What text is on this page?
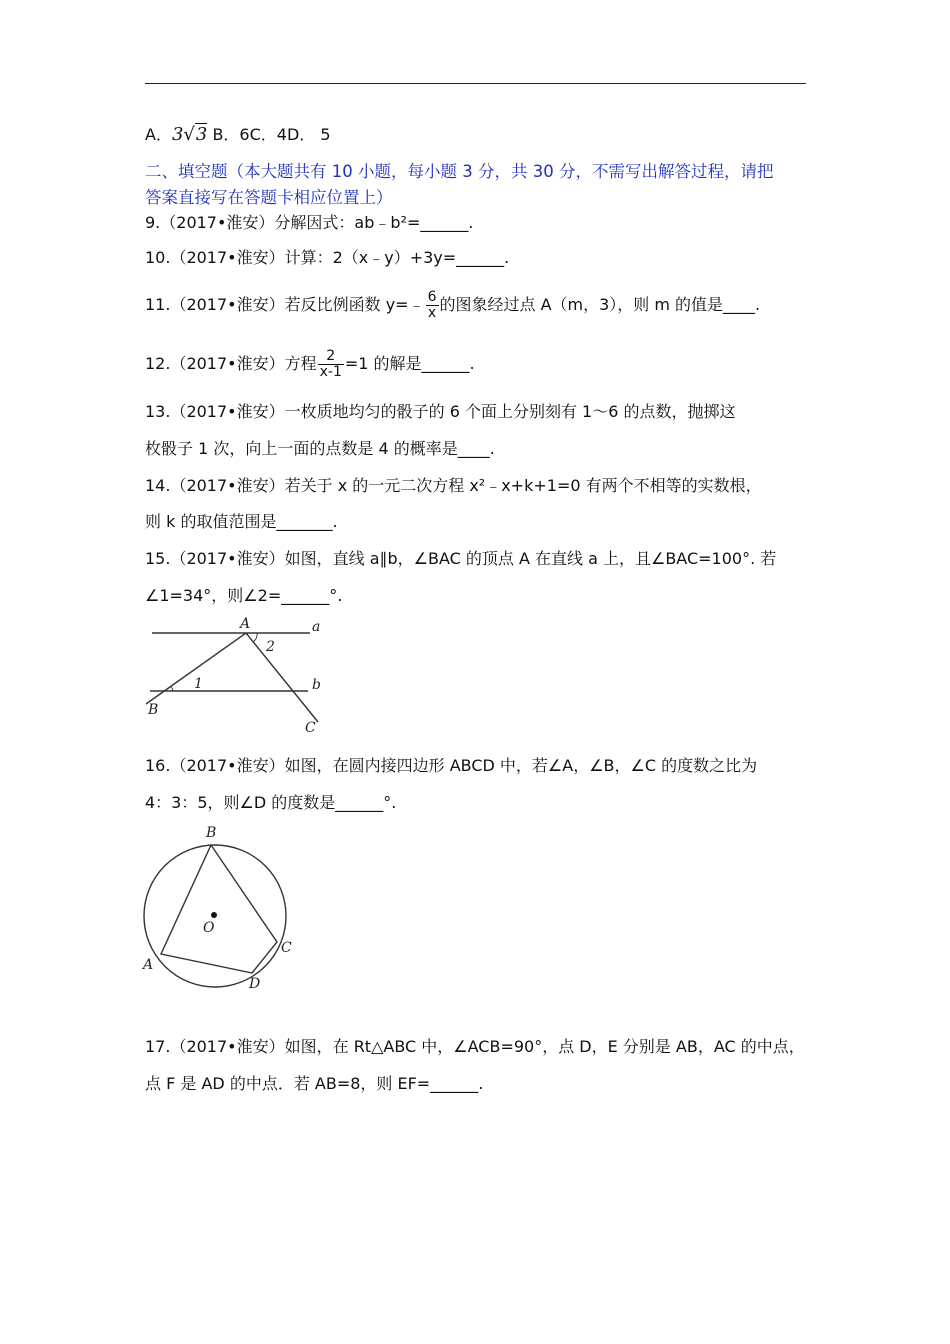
A．3√3 B．6C．4D． 5
二、填空题（本大题共有 10 小题，每小题 3 分，共 30 分，不需写出解答过程，请把
答案直接写在答题卡相应位置上）
9.（2017•淮安）分解因式：ab﹣b²=______.
10.（2017•淮安）计算：2（x﹣y）+3y=______.
11.（2017•淮安）若反比例函数 y=﹣ $\frac{6}{x}$ 的图象经过点 A（m，3），则 m 的值是____.
12.（2017•淮安）方程 $\frac{2}{x-1} =1$ 的解是______.
13.（2017•淮安）一枚质地均匀的骰子的 6 个面上分别刻有 1～6 的点数，抛掷这
枚骰子 1 次，向上一面的点数是 4 的概率是____.
14.（2017•淮安）若关于 x 的一元二次方程 x²﹣x+k+1=0 有两个不相等的实数根，
则 k 的取值范围是_______.
15.（2017•淮安）如图，直线 a∥b，∠BAC 的顶点 A 在直线 a 上，且∠BAC=100°. 若
∠1=34°，则∠2=______°.
A	a
b
B
C
1
2
16.（2017•淮安）如图，在圆内接四边形 ABCD 中，若∠A，∠B，∠C 的度数之比为
4：3：5，则∠D 的度数是______°.
B
A
C
D
O
17.（2017•淮安）如图，在 Rt△ABC 中，∠ACB=90°，点 D，E 分别是 AB，AC 的中点，
点 F 是 AD 的中点．若 AB=8，则 EF=______.
